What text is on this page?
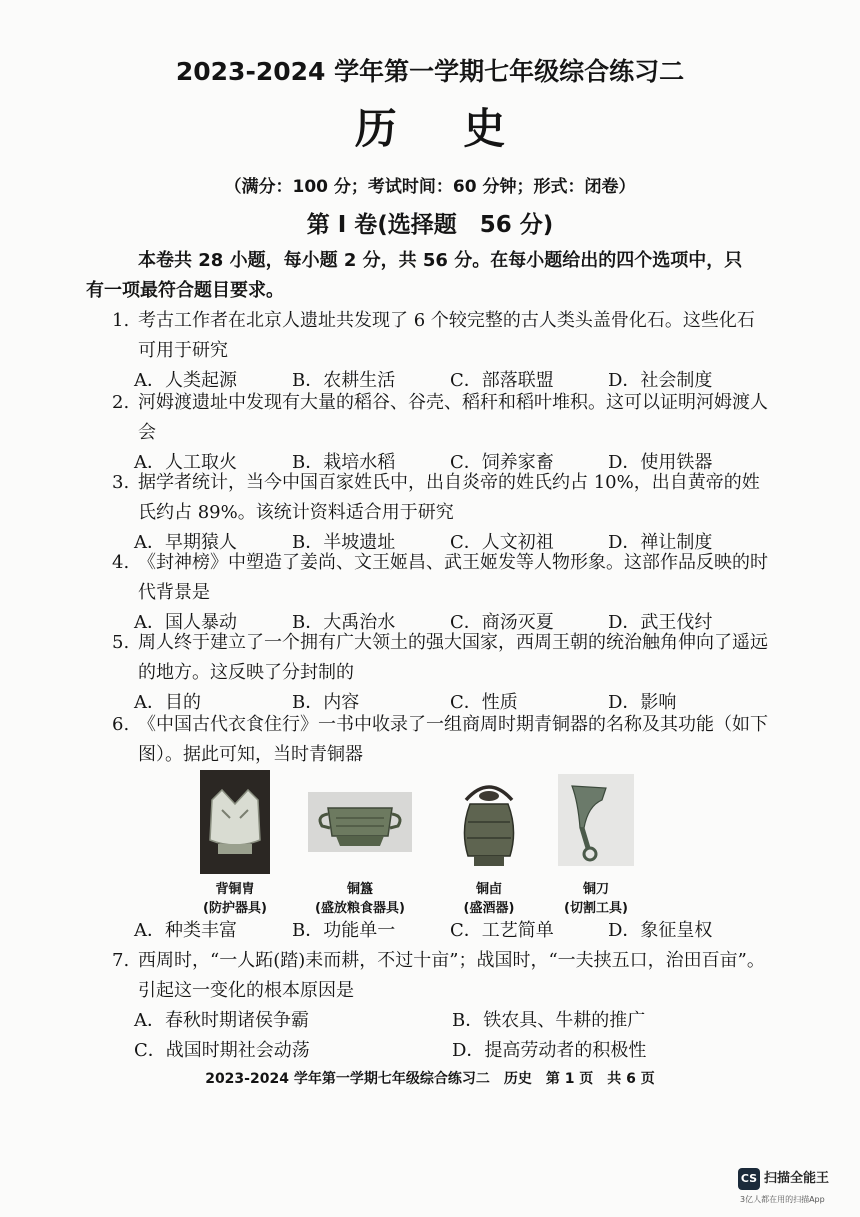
2023-2024 学年第一学期七年级综合练习二
历 史
（满分：100 分；考试时间：60 分钟；形式：闭卷）
第 I 卷(选择题　56 分)
本卷共 28 小题，每小题 2 分，共 56 分。在每小题给出的四个选项中，只
有一项最符合题目要求。
1. 考古工作者在北京人遗址共发现了 6 个较完整的古人类头盖骨化石。这些化石可用于研究
A．人类起源	B．农耕生活	C．部落联盟	D．社会制度
2. 河姆渡遗址中发现有大量的稻谷、谷壳、稻秆和稻叶堆积。这可以证明河姆渡人会
A．人工取火	B．栽培水稻	C．饲养家畜	D．使用铁器
3. 据学者统计，当今中国百家姓氏中，出自炎帝的姓氏约占 10%，出自黄帝的姓氏约占 89%。该统计资料适合用于研究
A．早期猿人	B．半坡遗址	C．人文初祖	D．禅让制度
4. 《封神榜》中塑造了姜尚、文王姬昌、武王姬发等人物形象。这部作品反映的时代背景是
A．国人暴动	B．大禹治水	C．商汤灭夏	D．武王伐纣
5. 周人终于建立了一个拥有广大领土的强大国家，西周王朝的统治触角伸向了遥远的地方。这反映了分封制的
A．目的	B．内容	C．性质	D．影响
6. 《中国古代衣食住行》一书中收录了一组商周时期青铜器的名称及其功能（如下图）。据此可知，当时青铜器
背铜胄
(防护器具)
铜簋
(盛放粮食器具)
铜卣
(盛酒器)
铜刀
(切割工具)
A．种类丰富	B．功能单一	C．工艺简单	D．象征皇权
7. 西周时，“一人跖(踏)耒而耕，不过十亩”；战国时，“一夫挟五口，治田百亩”。引起这一变化的根本原因是
A．春秋时期诸侯争霸	B．铁农具、牛耕的推广
C．战国时期社会动荡	D．提高劳动者的积极性
2023-2024 学年第一学期七年级综合练习二　历史　第 1 页　共 6 页
CS 扫描全能王
3亿人都在用的扫描App
